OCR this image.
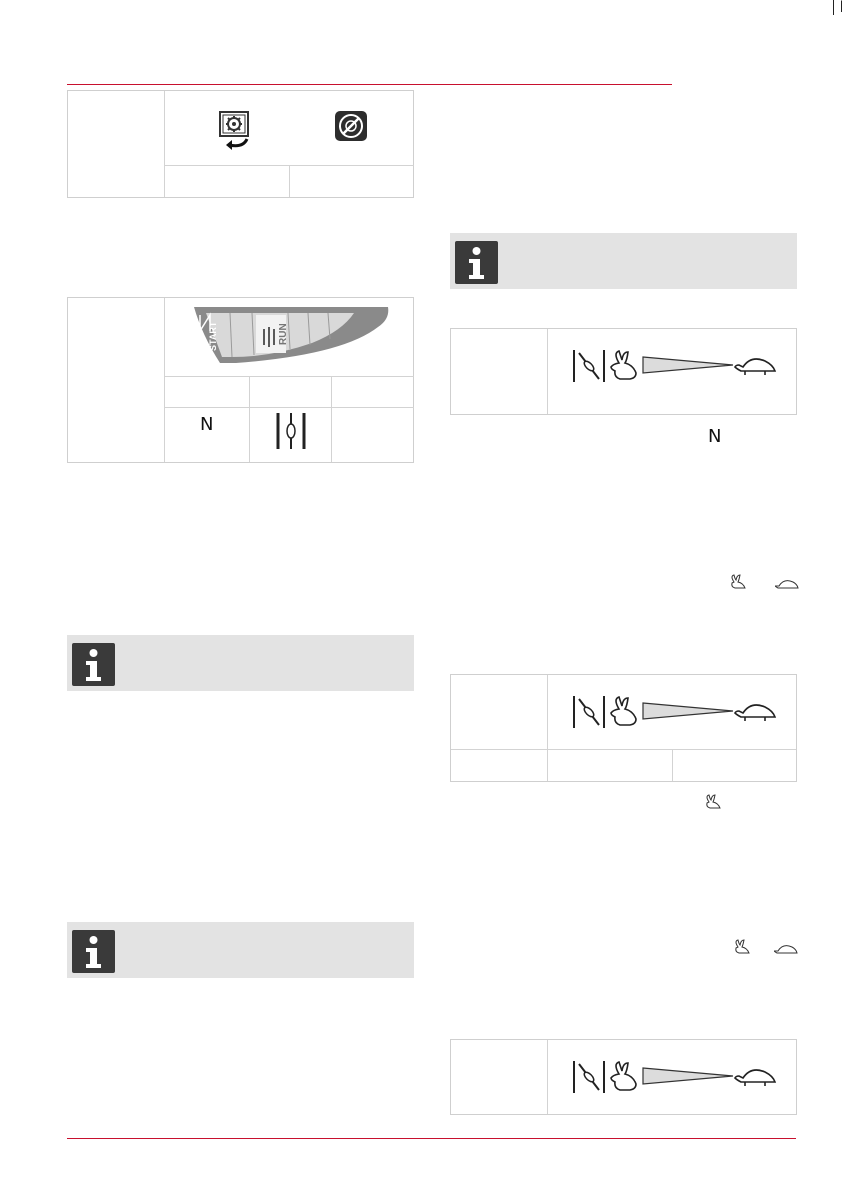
START	RUN
N
N
